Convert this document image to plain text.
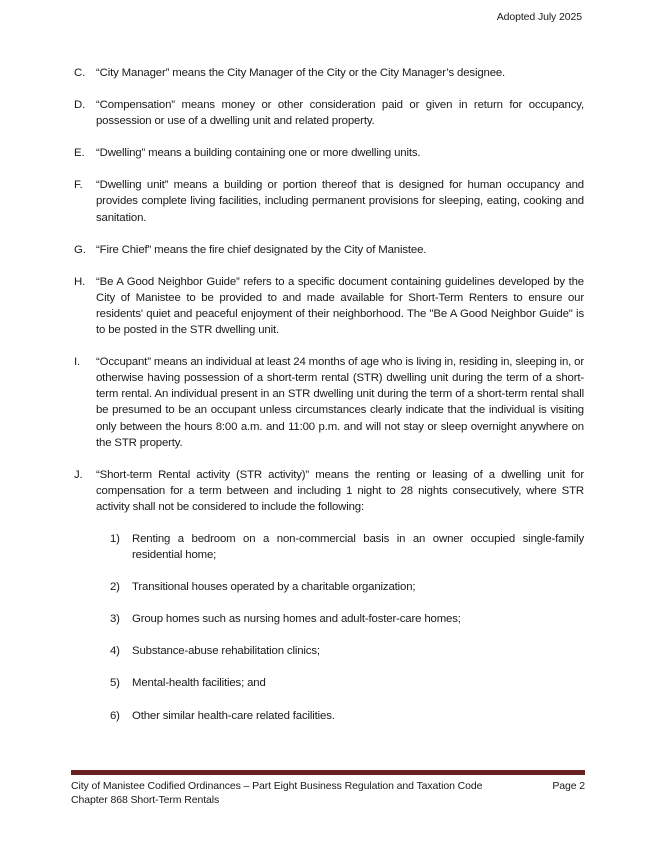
Adopted July 2025
C. “City Manager” means the City Manager of the City or the City Manager’s designee.
D. “Compensation” means money or other consideration paid or given in return for occupancy, possession or use of a dwelling unit and related property.
E.	“Dwelling” means a building containing one or more dwelling units.
F.	“Dwelling unit” means a building or portion thereof that is designed for human occupancy and provides complete living facilities, including permanent provisions for sleeping, eating, cooking and sanitation.
G. “Fire Chief” means the fire chief designated by the City of Manistee.
H. “Be A Good Neighbor Guide” refers to a specific document containing guidelines developed by the City of Manistee to be provided to and made available for Short-Term Renters to ensure our residents' quiet and peaceful enjoyment of their neighborhood. The "Be A Good Neighbor Guide" is to be posted in the STR dwelling unit.
I.	“Occupant” means an individual at least 24 months of age who is living in, residing in, sleeping in, or otherwise having possession of a short-term rental (STR) dwelling unit during the term of a short-term rental. An individual present in an STR dwelling unit during the term of a short-term rental shall be presumed to be an occupant unless circumstances clearly indicate that the individual is visiting only between the hours 8:00 a.m. and 11:00 p.m. and will not stay or sleep overnight anywhere on the STR property.
J.	“Short-term Rental activity (STR activity)” means the renting or leasing of a dwelling unit for compensation for a term between and including 1 night to 28 nights consecutively, where STR activity shall not be considered to include the following:
1)	Renting a bedroom on a non-commercial basis in an owner occupied single-family residential home;
2)	Transitional houses operated by a charitable organization;
3)	Group homes such as nursing homes and adult-foster-care homes;
4)	Substance-abuse rehabilitation clinics;
5)	Mental-health facilities; and
6)	Other similar health-care related facilities.
City of Manistee Codified Ordinances – Part Eight Business Regulation and Taxation Code	Page 2
Chapter 868 Short-Term Rentals
